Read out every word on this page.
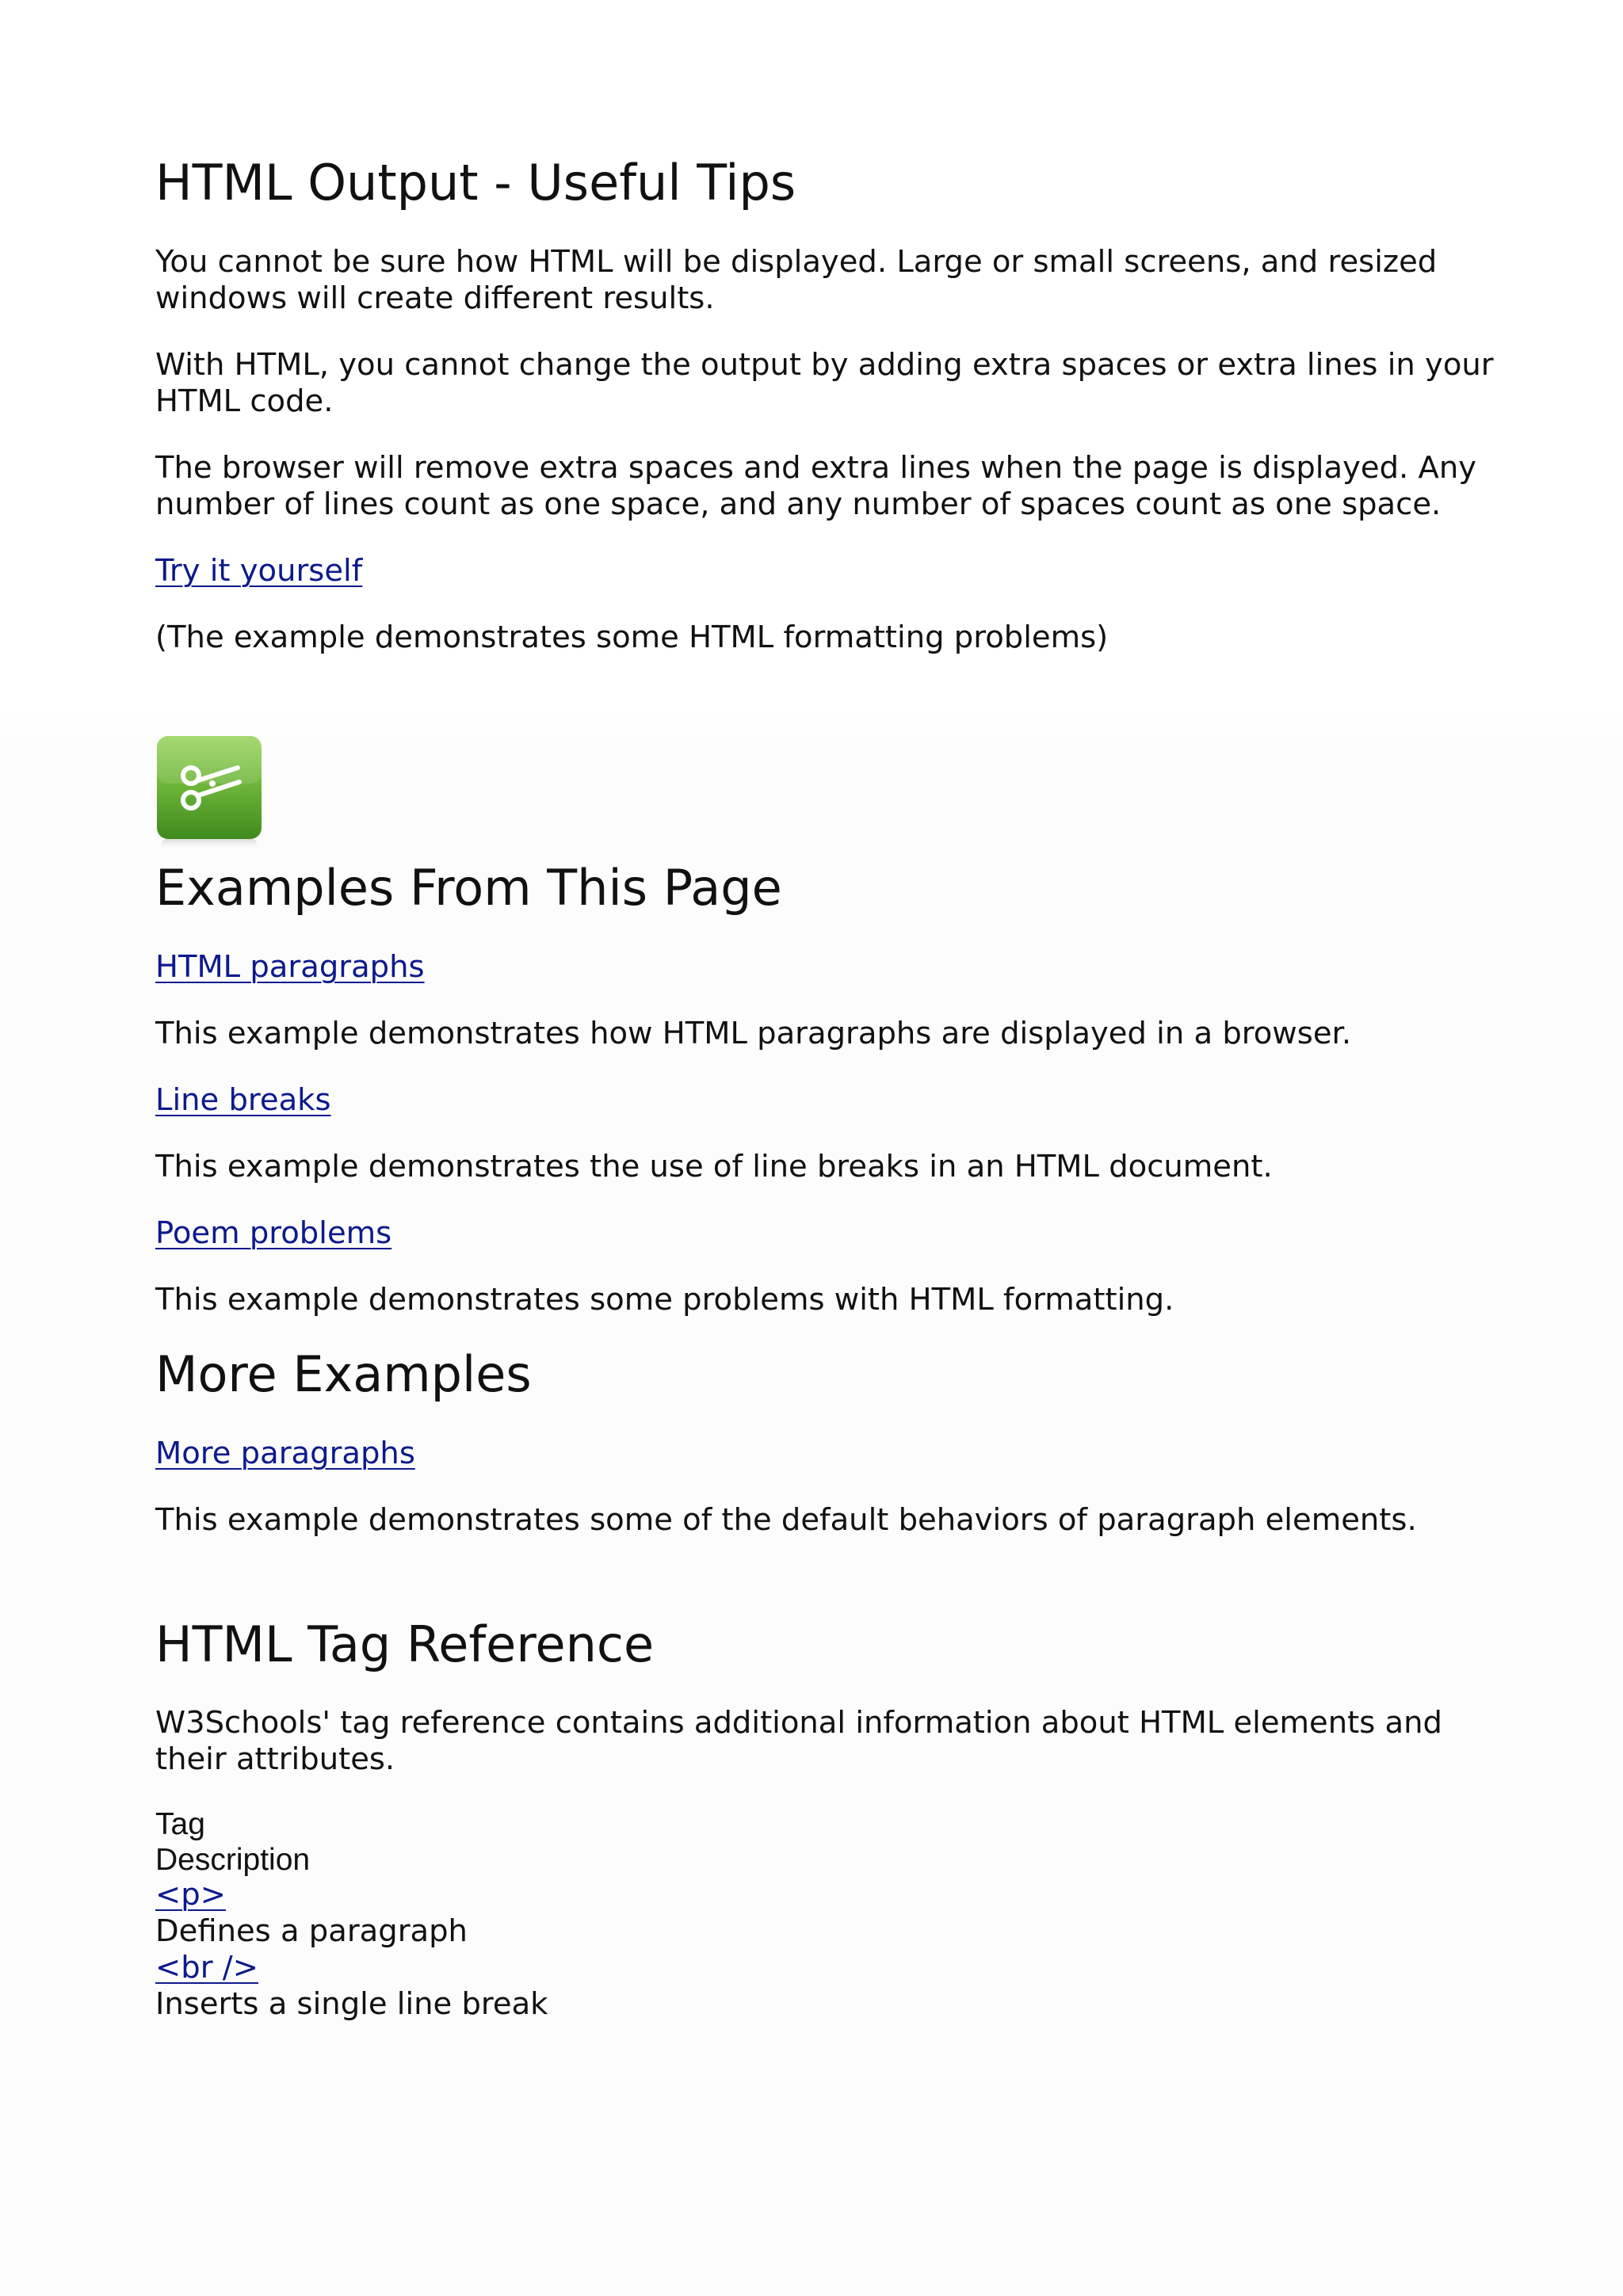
HTML Output - Useful Tips

You cannot be sure how HTML will be displayed. Large or small screens, and resized windows will create different results.

With HTML, you cannot change the output by adding extra spaces or extra lines in your HTML code.

The browser will remove extra spaces and extra lines when the page is displayed. Any number of lines count as one space, and any number of spaces count as one space.

Try it yourself

(The example demonstrates some HTML formatting problems)

Examples From This Page
HTML paragraphs

This example demonstrates how HTML paragraphs are displayed in a browser.

Line breaks

This example demonstrates the use of line breaks in an HTML document.

Poem problems

This example demonstrates some problems with HTML formatting.

More Examples
More paragraphs

This example demonstrates some of the default behaviors of paragraph elements.

HTML Tag Reference

W3Schools' tag reference contains additional information about HTML elements and their attributes.

Tag
Description
<p>
Defines a paragraph
<br />
Inserts a single line break
